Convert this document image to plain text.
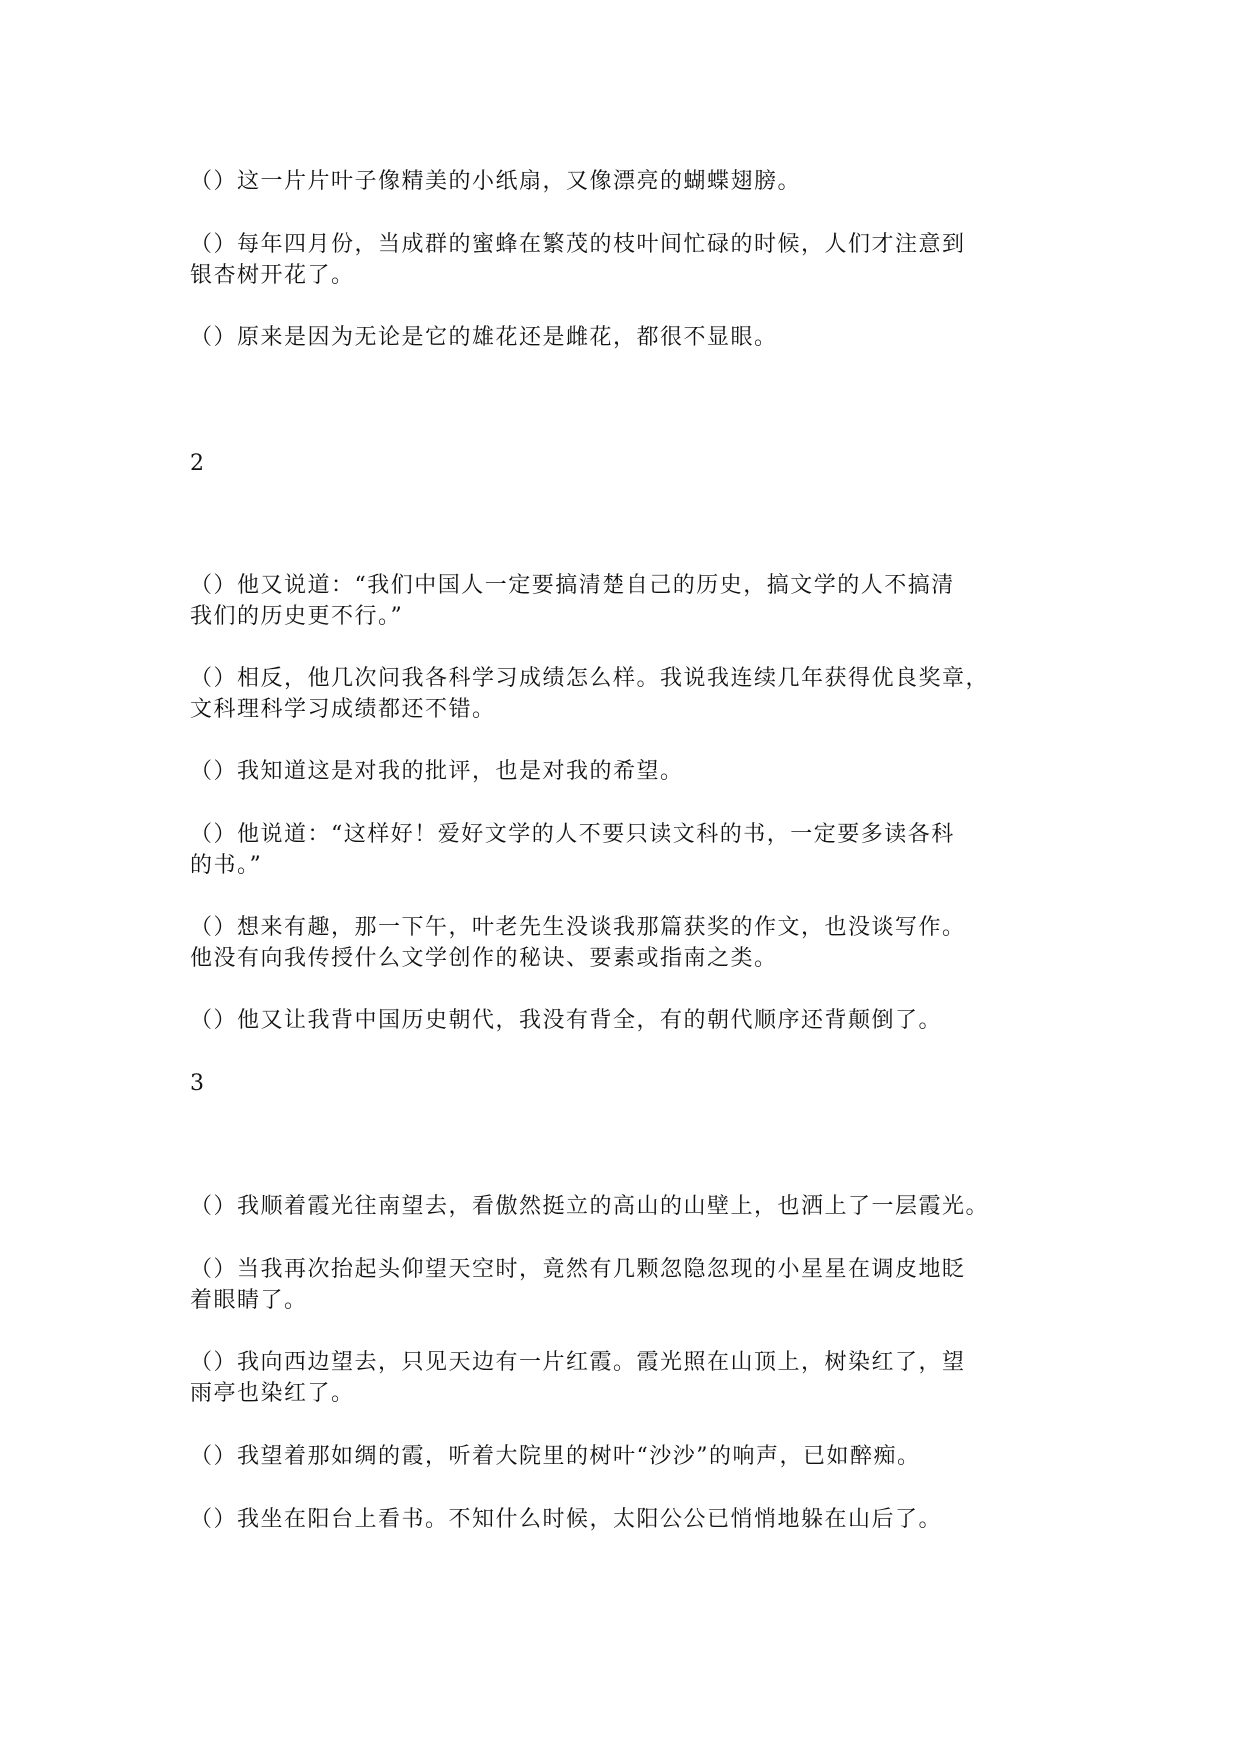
（）这一片片叶子像精美的小纸扇，又像漂亮的蝴蝶翅膀。

（）每年四月份，当成群的蜜蜂在繁茂的枝叶间忙碌的时候，人们才注意到
银杏树开花了。

（）原来是因为无论是它的雄花还是雌花，都很不显眼。

2

（）他又说道：“我们中国人一定要搞清楚自己的历史，搞文学的人不搞清
我们的历史更不行。”

（）相反，他几次问我各科学习成绩怎么样。我说我连续几年获得优良奖章，
文科理科学习成绩都还不错。

（）我知道这是对我的批评，也是对我的希望。

（）他说道：“这样好！爱好文学的人不要只读文科的书，一定要多读各科
的书。”

（）想来有趣，那一下午，叶老先生没谈我那篇获奖的作文，也没谈写作。
他没有向我传授什么文学创作的秘诀、要素或指南之类。

（）他又让我背中国历史朝代，我没有背全，有的朝代顺序还背颠倒了。

3

（）我顺着霞光往南望去，看傲然挺立的高山的山壁上，也洒上了一层霞光。

（）当我再次抬起头仰望天空时，竟然有几颗忽隐忽现的小星星在调皮地眨
着眼睛了。

（）我向西边望去，只见天边有一片红霞。霞光照在山顶上，树染红了，望
雨亭也染红了。

（）我望着那如绸的霞，听着大院里的树叶“沙沙”的响声，已如醉痴。

（）我坐在阳台上看书。不知什么时候，太阳公公已悄悄地躲在山后了。
